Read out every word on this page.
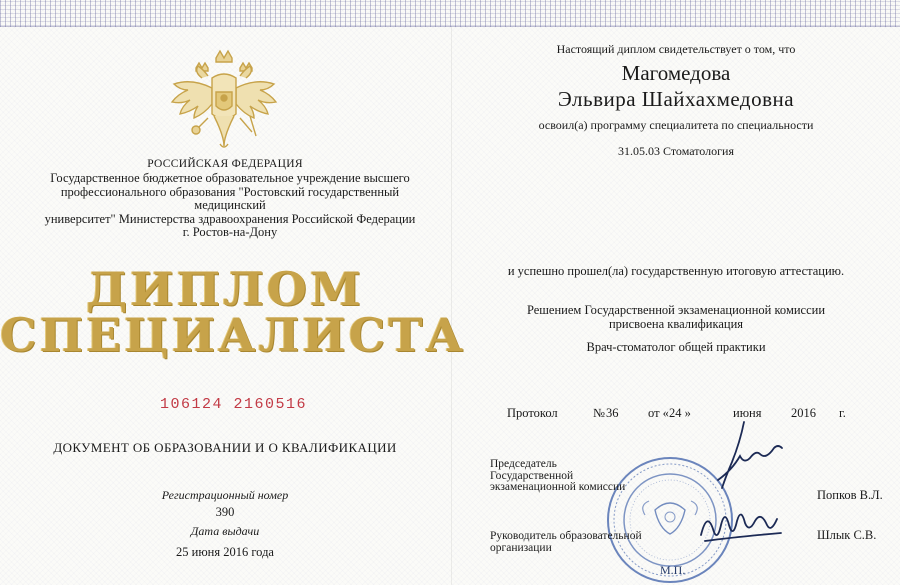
РОССИЙСКАЯ ФЕДЕРАЦИЯ
Государственное бюджетное образовательное учреждение высшего
профессионального образования "Ростовский государственный медицинский
университет" Министерства здравоохранения Российской Федерации
г. Ростов-на-Дону
ДИПЛОМ
СПЕЦИАЛИСТА
106124 2160516
ДОКУМЕНТ ОБ ОБРАЗОВАНИИ И О КВАЛИФИКАЦИИ
Регистрационный номер
390
Дата выдачи
25 июня 2016 года
Настоящий диплом свидетельствует о том, что
Магомедова
Эльвира Шайхахмедовна
освоил(а) программу специалитета по специальности
31.05.03 Стоматология
и успешно прошел(ла) государственную итоговую аттестацию.
Решением Государственной экзаменационной комиссии
присвоена квалификация
Врач-стоматолог общей практики
Протокол	№ 36 от « 24 »	июня 2016 г.
Председатель
Государственной
экзаменационной комиссии
Попков В.Л.
Руководитель образовательной
организации
Шлык С.В.
М.П.
